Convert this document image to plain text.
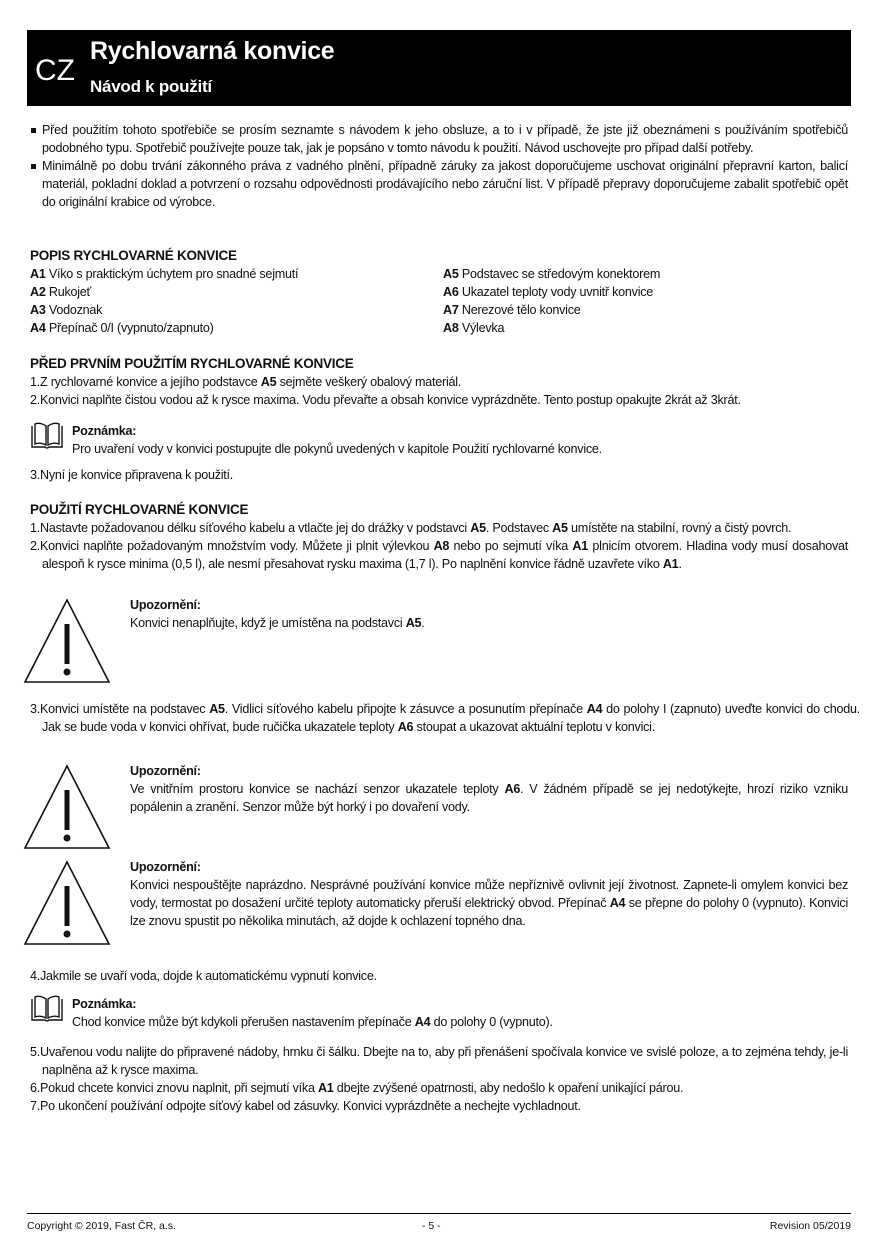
CZ
Rychlovarná konvice
Návod k použití
Před použitím tohoto spotřebiče se prosím seznamte s návodem k jeho obsluze, a to i v případě, že jste již obeznámeni s používáním spotřebičů podobného typu. Spotřebič používejte pouze tak, jak je popsáno v tomto návodu k použití. Návod uschovejte pro případ další potřeby.
Minimálně po dobu trvání zákonného práva z vadného plnění, případně záruky za jakost doporučujeme uschovat originální přepravní karton, balicí materiál, pokladní doklad a potvrzení o rozsahu odpovědnosti prodávajícího nebo záruční list. V případě přepravy doporučujeme zabalit spotřebič opět do originální krabice od výrobce.
POPIS RYCHLOVARNÉ KONVICE
A1 Víko s praktickým úchytem pro snadné sejmutí	A5 Podstavec se středovým konektorem
A2 Rukojeť	A6 Ukazatel teploty vody uvnitř konvice
A3 Vodoznak	A7 Nerezové tělo konvice
A4 Přepínač 0/I (vypnuto/zapnuto)	A8 Výlevka
PŘED PRVNÍM POUŽITÍM RYCHLOVARNÉ KONVICE
1.Z rychlovarné konvice a jejího podstavce A5 sejměte veškerý obalový materiál.
2.Konvici naplňte čistou vodou až k rysce maxima. Vodu převařte a obsah konvice vyprázdněte. Tento postup opakujte 2krát až 3krát.
Poznámka:
Pro uvaření vody v konvici postupujte dle pokynů uvedených v kapitole Použití rychlovarné konvice.
3.Nyní je konvice připravena k použití.
POUŽITÍ RYCHLOVARNÉ KONVICE
1.Nastavte požadovanou délku síťového kabelu a vtlačte jej do drážky v podstavci A5. Podstavec A5 umístěte na stabilní, rovný a čistý povrch.
2.Konvici naplňte požadovaným množstvím vody. Můžete ji plnit výlevkou A8 nebo po sejmutí víka A1 plnicím otvorem. Hladina vody musí dosahovat alespoň k rysce minima (0,5 l), ale nesmí přesahovat rysku maxima (1,7 l). Po naplnění konvice řádně uzavřete víko A1.
Upozornění:
Konvici nenaplňujte, když je umístěna na podstavci A5.
3.Konvici umístěte na podstavec A5. Vidlici síťového kabelu připojte k zásuvce a posunutím přepínače A4 do polohy I (zapnuto) uveďte konvici do chodu. Jak se bude voda v konvici ohřívat, bude ručička ukazatele teploty A6 stoupat a ukazovat aktuální teplotu v konvici.
Upozornění:
Ve vnitřním prostoru konvice se nachází senzor ukazatele teploty A6. V žádném případě se jej nedotýkejte, hrozí riziko vzniku popálenin a zranění. Senzor může být horký i po dovaření vody.
Upozornění:
Konvici nespouštějte naprázdno. Nesprávné používání konvice může nepříznivě ovlivnit její životnost. Zapnete-li omylem konvici bez vody, termostat po dosažení určité teploty automaticky přeruší elektrický obvod. Přepínač A4 se přepne do polohy 0 (vypnuto). Konvici lze znovu spustit po několika minutách, až dojde k ochlazení topného dna.
4.Jakmile se uvaří voda, dojde k automatickému vypnutí konvice.
Poznámka:
Chod konvice může být kdykoli přerušen nastavením přepínače A4 do polohy 0 (vypnuto).
5.Uvařenou vodu nalijte do připravené nádoby, hrnku či šálku. Dbejte na to, aby při přenášení spočívala konvice ve svislé poloze, a to zejména tehdy, je-li naplněna až k rysce maxima.
6.Pokud chcete konvici znovu naplnit, při sejmutí víka A1 dbejte zvýšené opatrnosti, aby nedošlo k opaření unikající párou.
7.Po ukončení používání odpojte síťový kabel od zásuvky. Konvici vyprázdněte a nechejte vychladnout.
Copyright © 2019, Fast ČR, a.s.	- 5 -	Revision 05/2019
